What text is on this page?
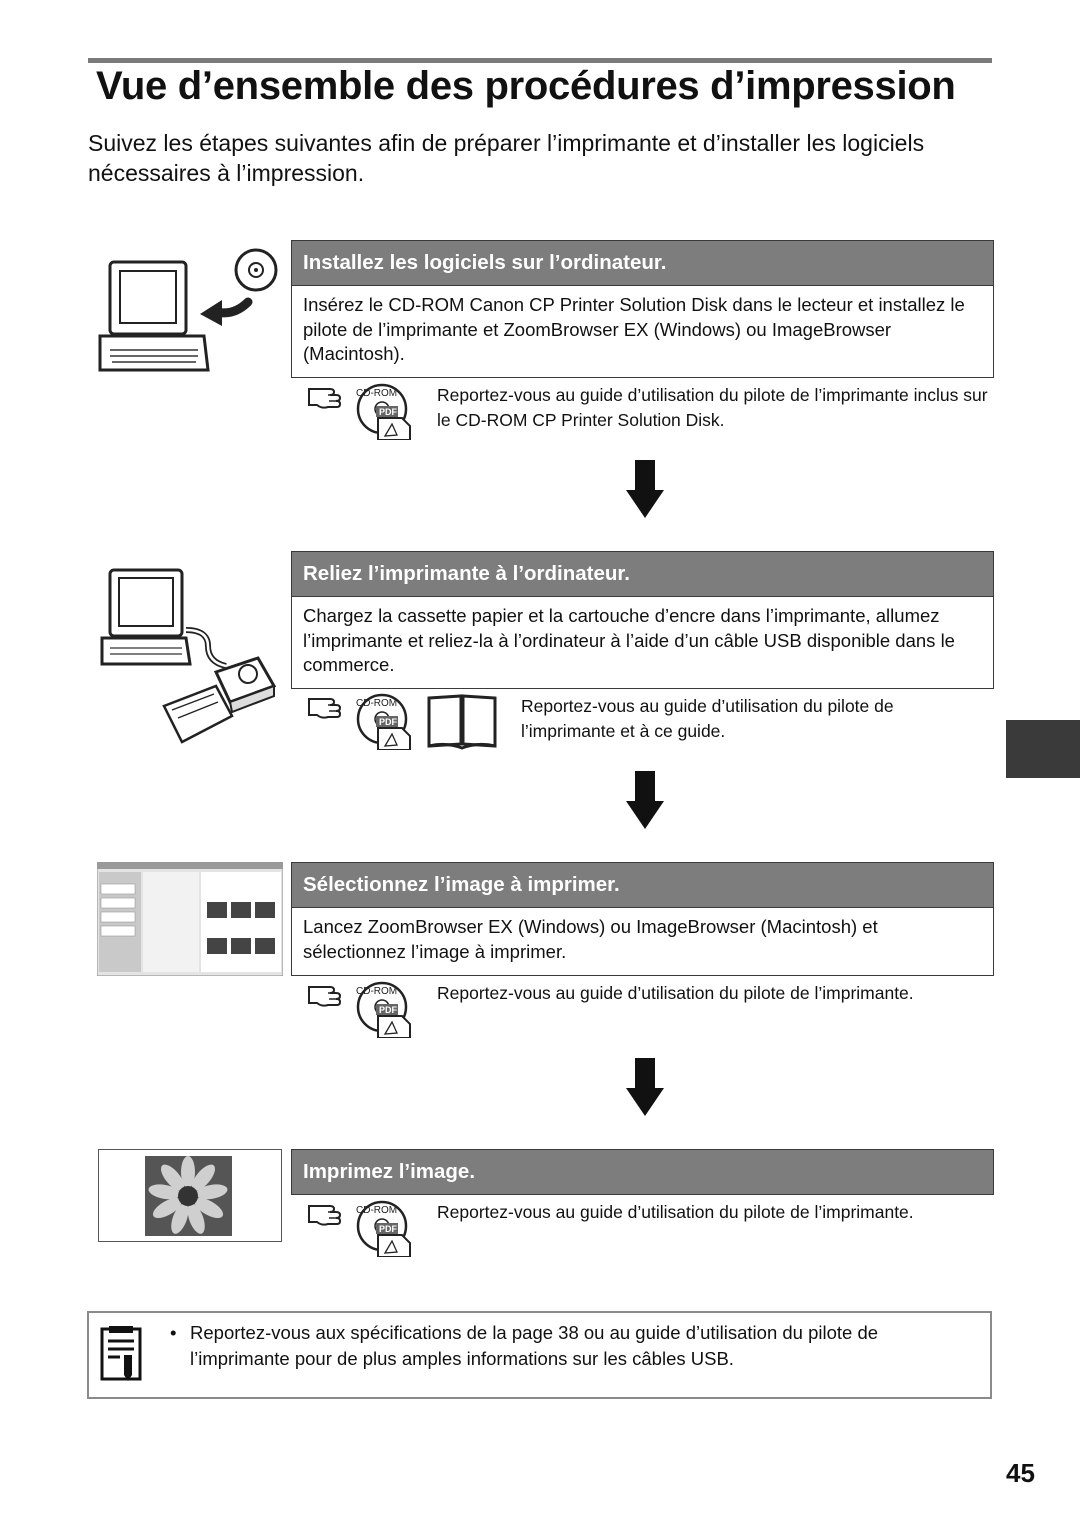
Vue d’ensemble des procédures d’impression
Suivez les étapes suivantes afin de préparer l’imprimante et d’installer les logiciels nécessaires à l’impression.
Installez les logiciels sur l’ordinateur.
Insérez le CD-ROM Canon CP Printer Solution Disk dans le lecteur et installez le pilote de l’imprimante et ZoomBrowser EX (Windows) ou ImageBrowser (Macintosh).
CD-ROM
PDF
Reportez-vous au guide d’utilisation du pilote de l’imprimante inclus sur le CD-ROM CP Printer Solution Disk.
Reliez l’imprimante à l’ordinateur.
Chargez la cassette papier et la cartouche d’encre dans l’imprimante, allumez l’imprimante et reliez-la à l’ordinateur à l’aide d’un câble USB disponible dans le commerce.
CD-ROM
PDF
Reportez-vous au guide d’utilisation du pilote de l’imprimante et à ce guide.
Sélectionnez l’image à imprimer.
Lancez ZoomBrowser EX (Windows) ou ImageBrowser (Macintosh) et sélectionnez l’image à imprimer.
CD-ROM
PDF
Reportez-vous au guide d’utilisation du pilote de l’imprimante.
Imprimez l’image.
CD-ROM
PDF
Reportez-vous au guide d’utilisation du pilote de l’imprimante.
• Reportez-vous aux spécifications de la page 38 ou au guide d’utilisation du pilote de l’imprimante pour de plus amples informations sur les câbles USB.
45
